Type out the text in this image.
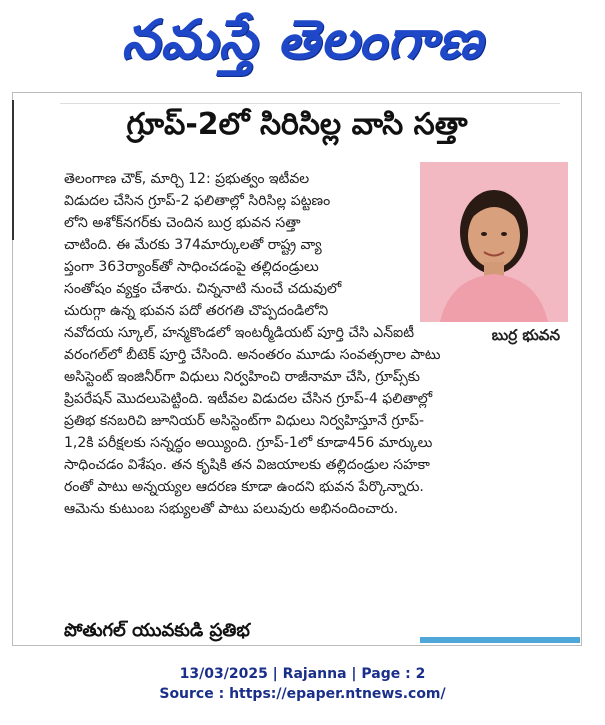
నమస్తే తెలంగాణ
గ్రూప్-2లో సిరిసిల్ల వాసి సత్తా
బుర్ర భువన
తెలంగాణ చౌక్, మార్చి 12: ప్రభుత్వం ఇటీవల
విడుదల చేసిన గ్రూప్-2 ఫలితాల్లో సిరిసిల్ల పట్టణం
లోని అశోక్‌నగర్‌కు చెందిన బుర్ర భువన సత్తా
చాటింది. ఈ మేరకు 374మార్కులతో రాష్ట్ర వ్యా
ప్తంగా 363ర్యాంక్‌తో సాధించడంపై తల్లిదండ్రులు
సంతోషం వ్యక్తం చేశారు. చిన్ననాటి నుంచే చదువులో
చురుగ్గా ఉన్న భువన పదో తరగతి చొప్పదండిలోని
నవోదయ స్కూల్, హన్మకొండలో ఇంటర్మీడియట్ పూర్తి చేసి ఎన్ఐటీ
వరంగల్‌లో బీటెక్ పూర్తి చేసింది. అనంతరం మూడు సంవత్సరాల పాటు
అసిస్టెంట్ ఇంజినీర్‌గా విధులు నిర్వహించి రాజీనామా చేసి, గ్రూప్స్‌కు
ప్రిపరేషన్ మొదలుపెట్టింది. ఇటీవల విడుదల చేసిన గ్రూప్-4 ఫలితాల్లో
ప్రతిభ కనబరిచి జూనియర్ అసిస్టెంట్‌గా విధులు నిర్వహిస్తూనే గ్రూప్-
1,2కి పరీక్షలకు సన్నద్ధం అయ్యింది. గ్రూప్-1లో కూడా456 మార్కులు
సాధించడం విశేషం. తన కృషికి తన విజయాలకు తల్లిదండ్రుల సహకా
రంతో పాటు అన్నయ్యల ఆదరణ కూడా ఉందని భువన పేర్కొన్నారు.
ఆమెను కుటుంబ సభ్యులతో పాటు పలువురు అభినందించారు.
పోతుగల్ యువకుడి ప్రతిభ
13/03/2025 | Rajanna | Page : 2
Source : https://epaper.ntnews.com/
